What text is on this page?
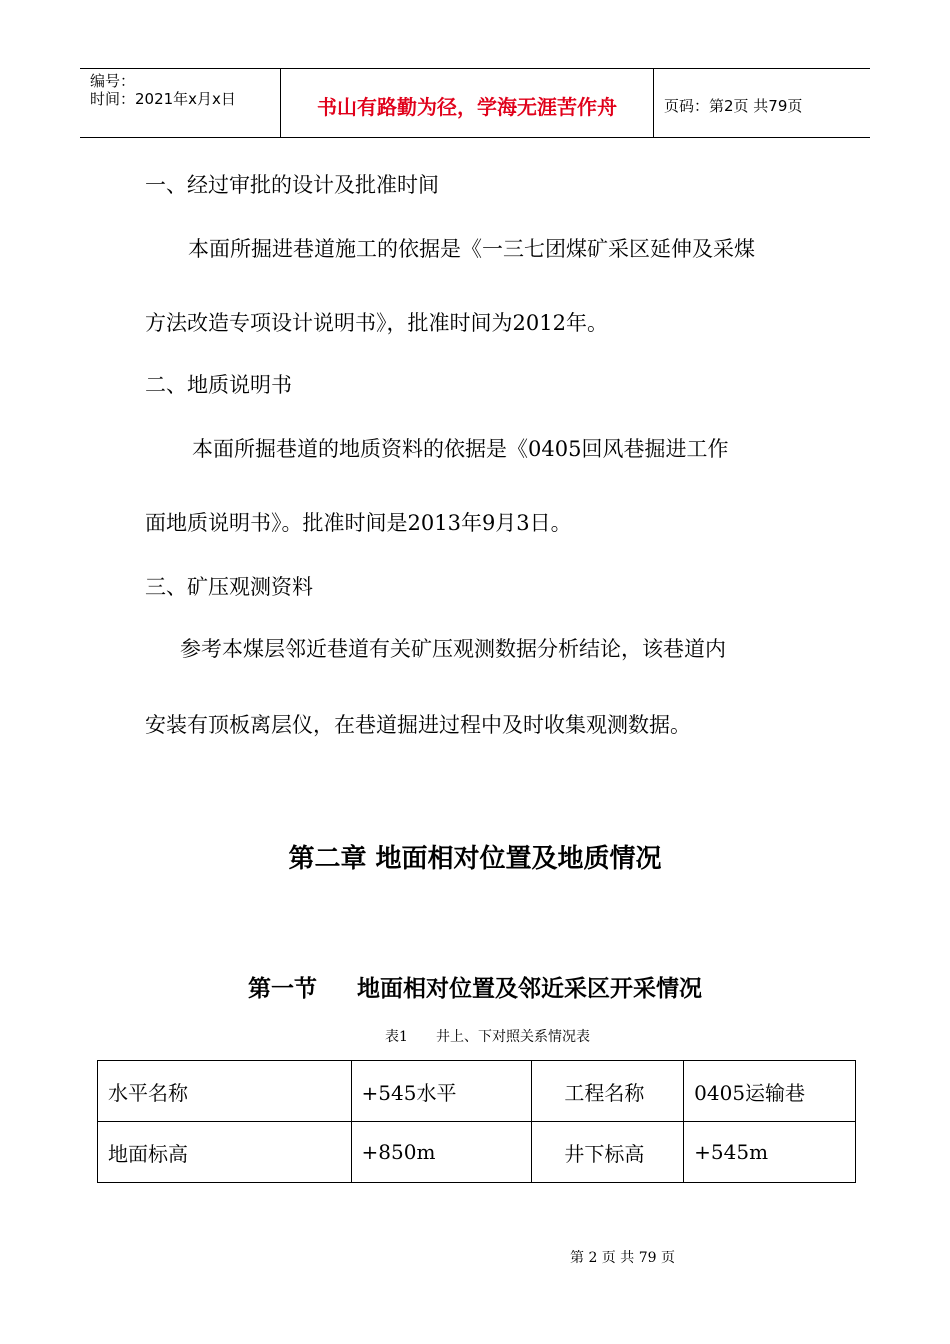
编号：
时间：2021年x月x日	书山有路勤为径，学海无涯苦作舟	页码：第2页 共79页
一、经过审批的设计及批准时间
本面所掘进巷道施工的依据是《一三七团煤矿采区延伸及采煤
方法改造专项设计说明书》，批准时间为2012年。
二、地质说明书
本面所掘巷道的地质资料的依据是《0405回风巷掘进工作
面地质说明书》。批准时间是2013年9月3日。
三、矿压观测资料
参考本煤层邻近巷道有关矿压观测数据分析结论，该巷道内
安装有顶板离层仪，在巷道掘进过程中及时收集观测数据。
第二章 地面相对位置及地质情况
第一节 地面相对位置及邻近采区开采情况
表1 井上、下对照关系情况表
水平名称	+545水平	工程名称	0405运输巷
地面标高	+850m	井下标高	+545m
第 2 页 共 79 页
